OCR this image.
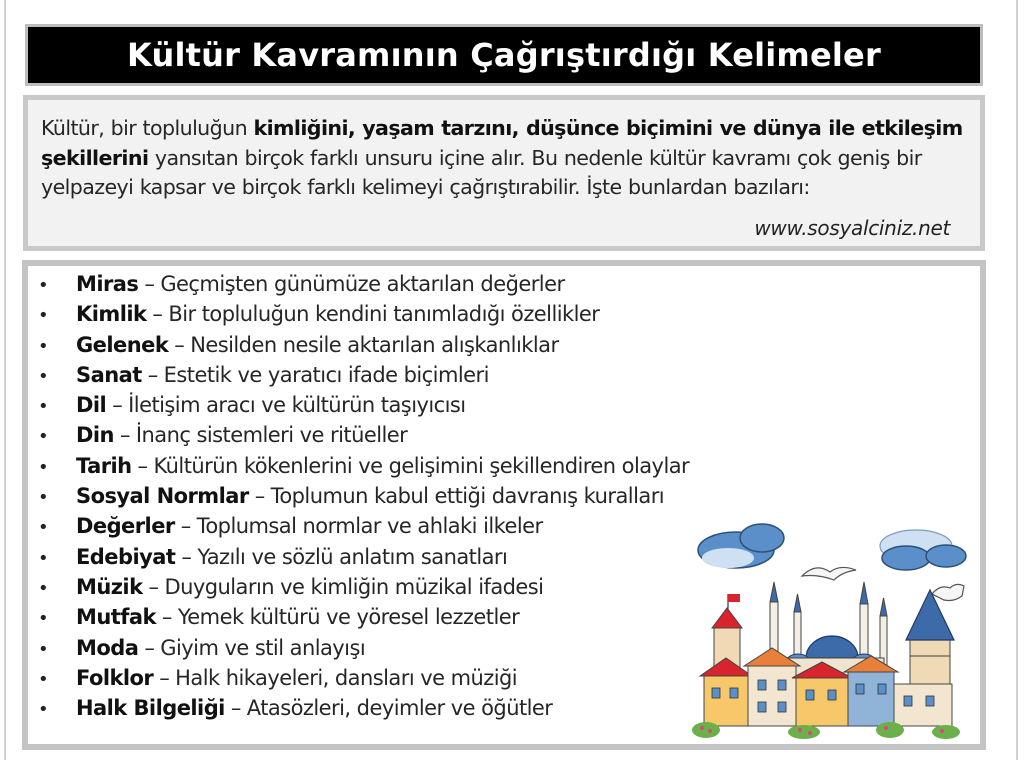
Kültür Kavramının Çağrıştırdığı Kelimeler
Kültür, bir topluluğun kimliğini, yaşam tarzını, düşünce biçimini ve dünya ile etkileşim şekillerini yansıtan birçok farklı unsuru içine alır. Bu nedenle kültür kavramı çok geniş bir yelpazeyi kapsar ve birçok farklı kelimeyi çağrıştırabilir. İşte bunlardan bazıları:
www.sosyalciniz.net
•	Miras – Geçmişten günümüze aktarılan değerler
•	Kimlik – Bir topluluğun kendini tanımladığı özellikler
•	Gelenek – Nesilden nesile aktarılan alışkanlıklar
•	Sanat – Estetik ve yaratıcı ifade biçimleri
•	Dil – İletişim aracı ve kültürün taşıyıcısı
•	Din – İnanç sistemleri ve ritüeller
•	Tarih – Kültürün kökenlerini ve gelişimini şekillendiren olaylar
•	Sosyal Normlar – Toplumun kabul ettiği davranış kuralları
•	Değerler – Toplumsal normlar ve ahlaki ilkeler
•	Edebiyat – Yazılı ve sözlü anlatım sanatları
•	Müzik – Duyguların ve kimliğin müzikal ifadesi
•	Mutfak – Yemek kültürü ve yöresel lezzetler
•	Moda – Giyim ve stil anlayışı
•	Folklor – Halk hikayeleri, dansları ve müziği
•	Halk Bilgeliği – Atasözleri, deyimler ve öğütler
